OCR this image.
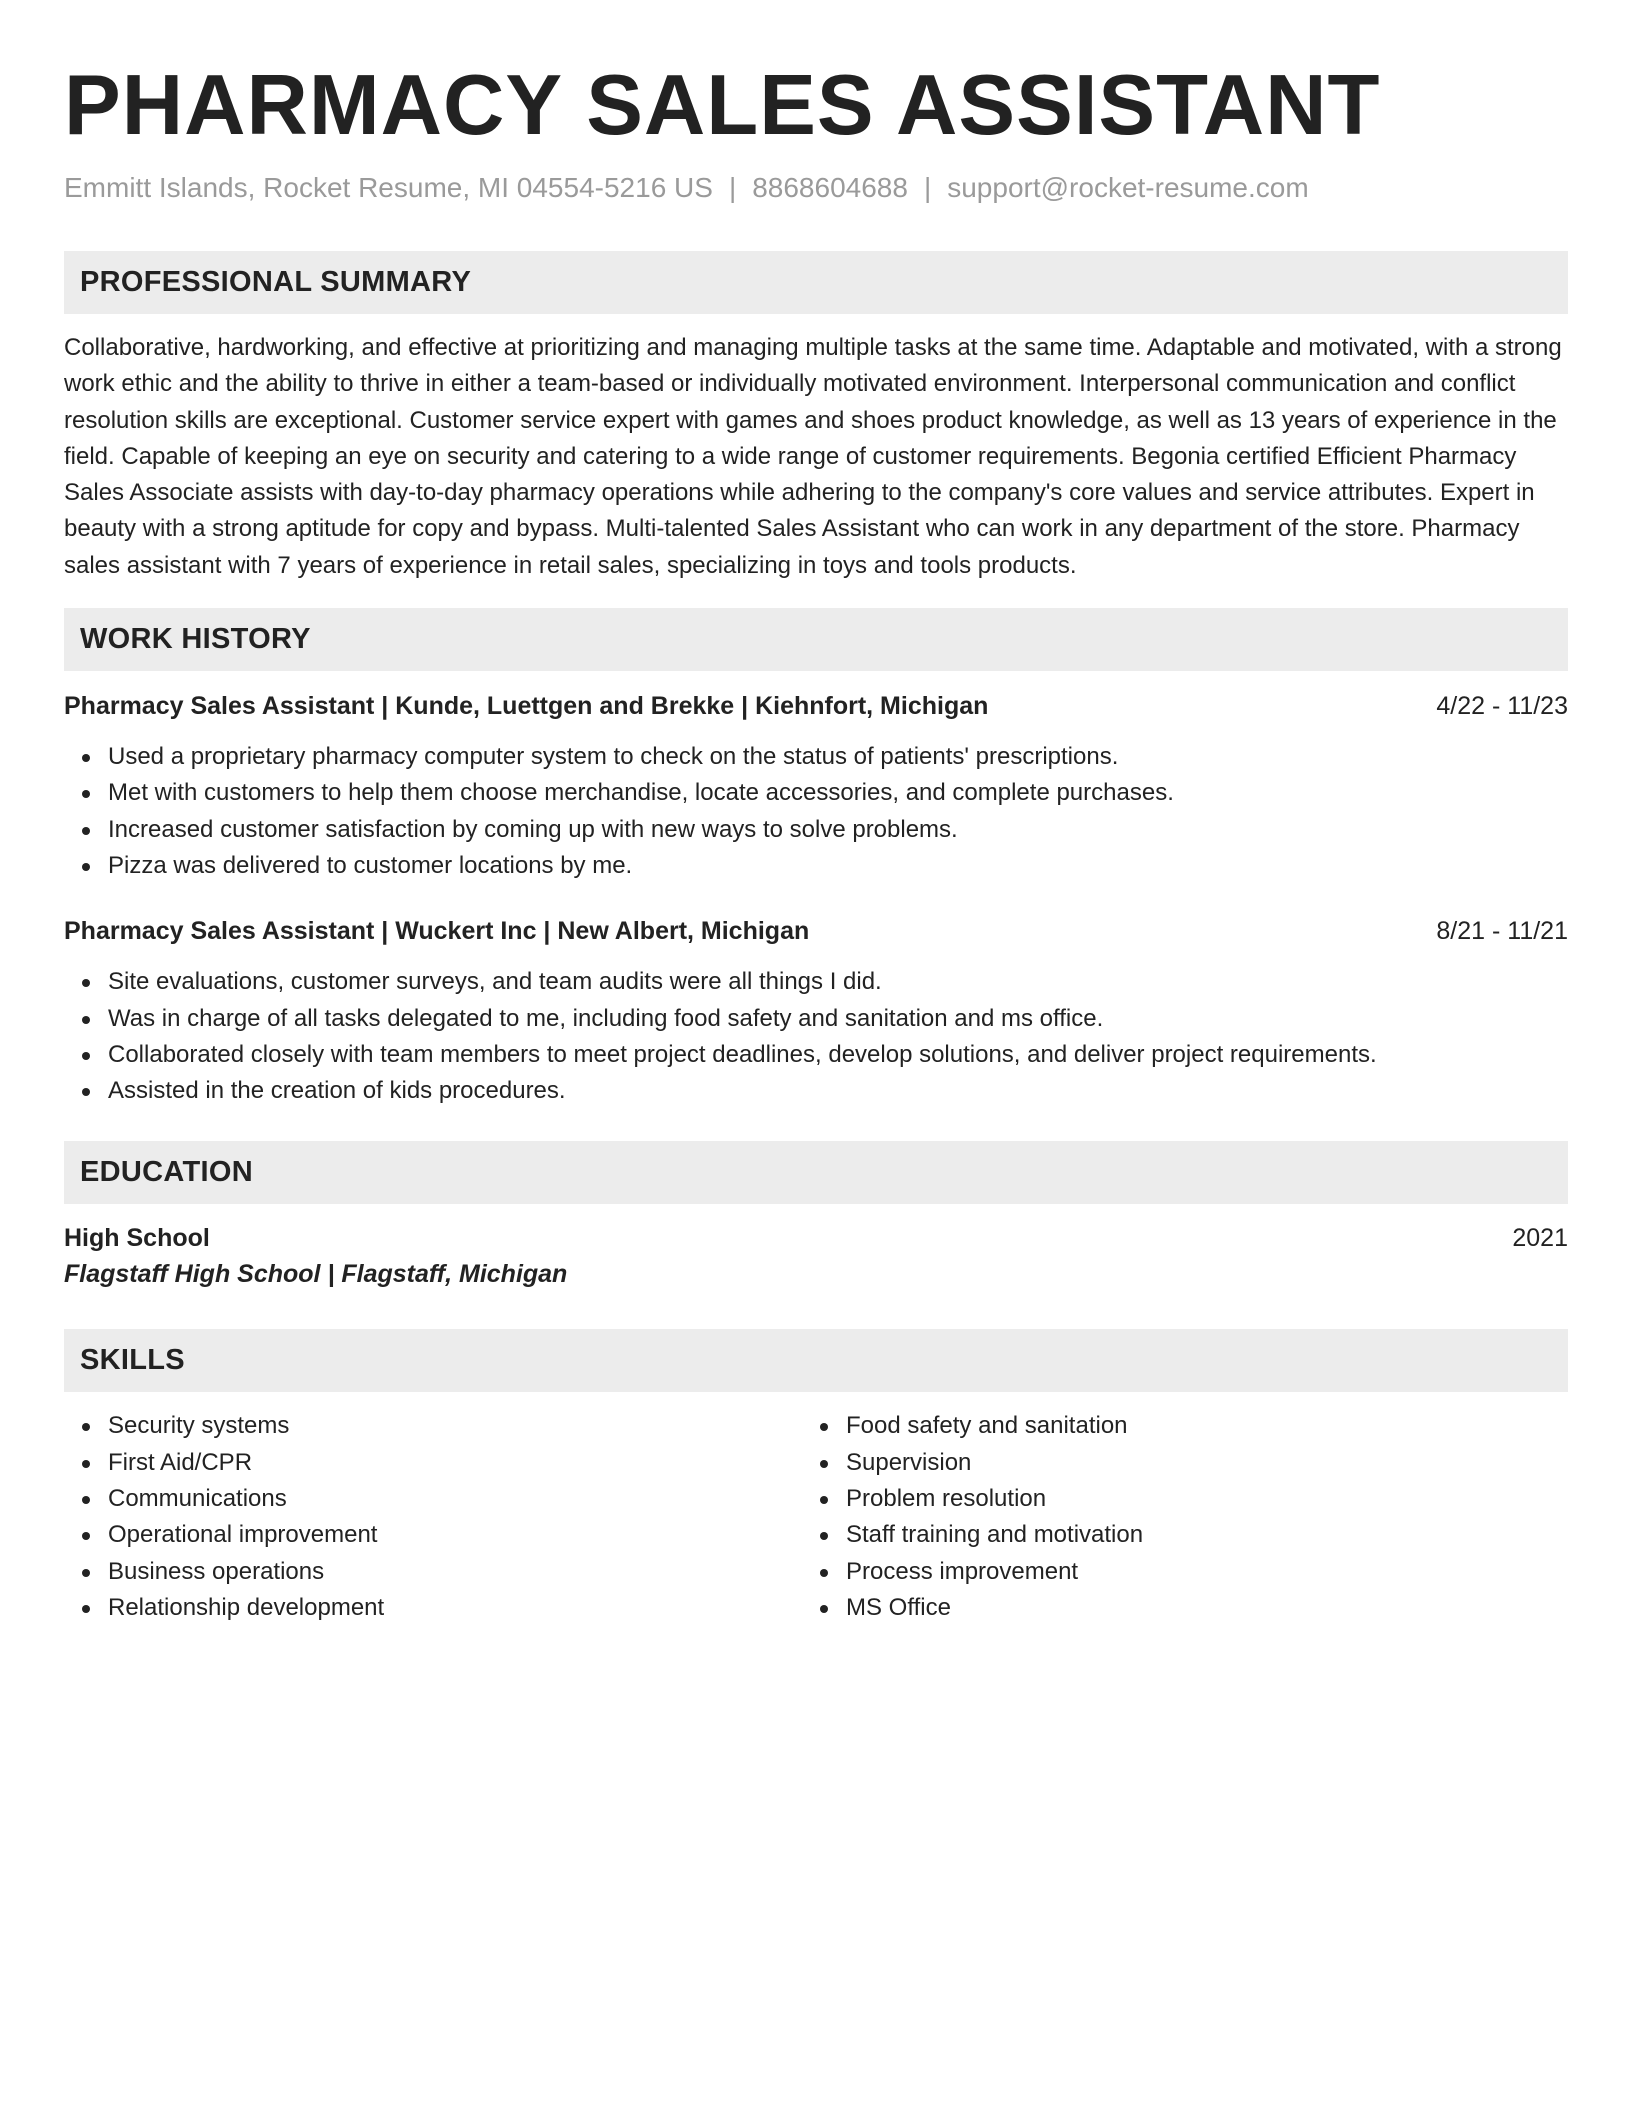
PHARMACY SALES ASSISTANT
Emmitt Islands, Rocket Resume, MI 04554-5216 US | 8868604688 | support@rocket-resume.com
PROFESSIONAL SUMMARY

Collaborative, hardworking, and effective at prioritizing and managing multiple tasks at the same time. Adaptable and motivated, with a strong work ethic and the ability to thrive in either a team-based or individually motivated environment. Interpersonal communication and conflict resolution skills are exceptional. Customer service expert with games and shoes product knowledge, as well as 13 years of experience in the field. Capable of keeping an eye on security and catering to a wide range of customer requirements. Begonia certified Efficient Pharmacy Sales Associate assists with day-to-day pharmacy operations while adhering to the company's core values and service attributes. Expert in beauty with a strong aptitude for copy and bypass. Multi-talented Sales Assistant who can work in any department of the store. Pharmacy sales assistant with 7 years of experience in retail sales, specializing in toys and tools products.

WORK HISTORY
Pharmacy Sales Assistant | Kunde, Luettgen and Brekke | Kiehnfort, Michigan	4/22 - 11/23
Used a proprietary pharmacy computer system to check on the status of patients' prescriptions.
Met with customers to help them choose merchandise, locate accessories, and complete purchases.
Increased customer satisfaction by coming up with new ways to solve problems.
Pizza was delivered to customer locations by me.
Pharmacy Sales Assistant | Wuckert Inc | New Albert, Michigan	8/21 - 11/21
Site evaluations, customer surveys, and team audits were all things I did.
Was in charge of all tasks delegated to me, including food safety and sanitation and ms office.
Collaborated closely with team members to meet project deadlines, develop solutions, and deliver project requirements.
Assisted in the creation of kids procedures.
EDUCATION
High School	2021
Flagstaff High School | Flagstaff, Michigan
SKILLS
Security systems
First Aid/CPR
Communications
Operational improvement
Business operations
Relationship development
Food safety and sanitation
Supervision
Problem resolution
Staff training and motivation
Process improvement
MS Office
